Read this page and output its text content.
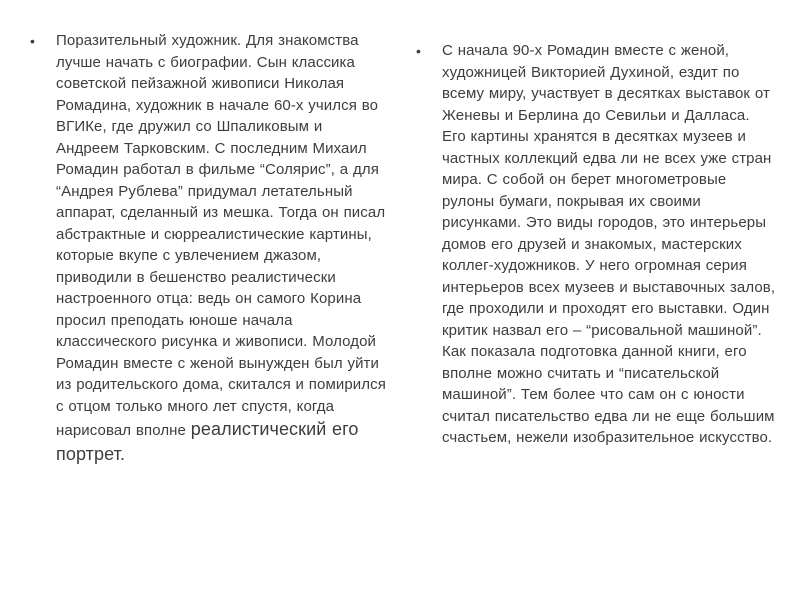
•	Поразительный художник. Для знакомства лучше начать с биографии. Сын классика советской пейзажной живописи Николая Ромадина, художник в начале 60-х учился во ВГИКе, где дружил со Шпаликовым и Андреем Тарковским. С последним Михаил Ромадин работал в фильме “Солярис”, а для “Андрея Рублева” придумал летательный аппарат, сделанный из мешка. Тогда он писал абстрактные и сюрреалистические картины, которые вкупе с увлечением джазом, приводили в бешенство реалистически настроенного отца: ведь он самого Корина просил преподать юноше начала классического рисунка и живописи. Молодой Ромадин вместе с женой вынужден был уйти из родительского дома, скитался и помирился с отцом только много лет спустя, когда нарисовал вполне реалистический его портрет.

•	С начала 90-х Ромадин вместе с женой, художницей Викторией Духиной, ездит по всему миру, участвует в десятках выставок от Женевы и Берлина до Севильи и Далласа. Его картины хранятся в десятках музеев и частных коллекций едва ли не всех уже стран мира. С собой он берет многометровые рулоны бумаги, покрывая их своими рисунками. Это виды городов, это интерьеры домов его друзей и знакомых, мастерских коллег-художников. У него огромная серия интерьеров всех музеев и выставочных залов, где проходили и проходят его выставки. Один критик назвал его – “рисовальной машиной”. Как показала подготовка данной книги, его вполне можно считать и “писательской машиной”. Тем более что сам он с юности считал писательство едва ли не еще большим счастьем, нежели изобразительное искусство.
